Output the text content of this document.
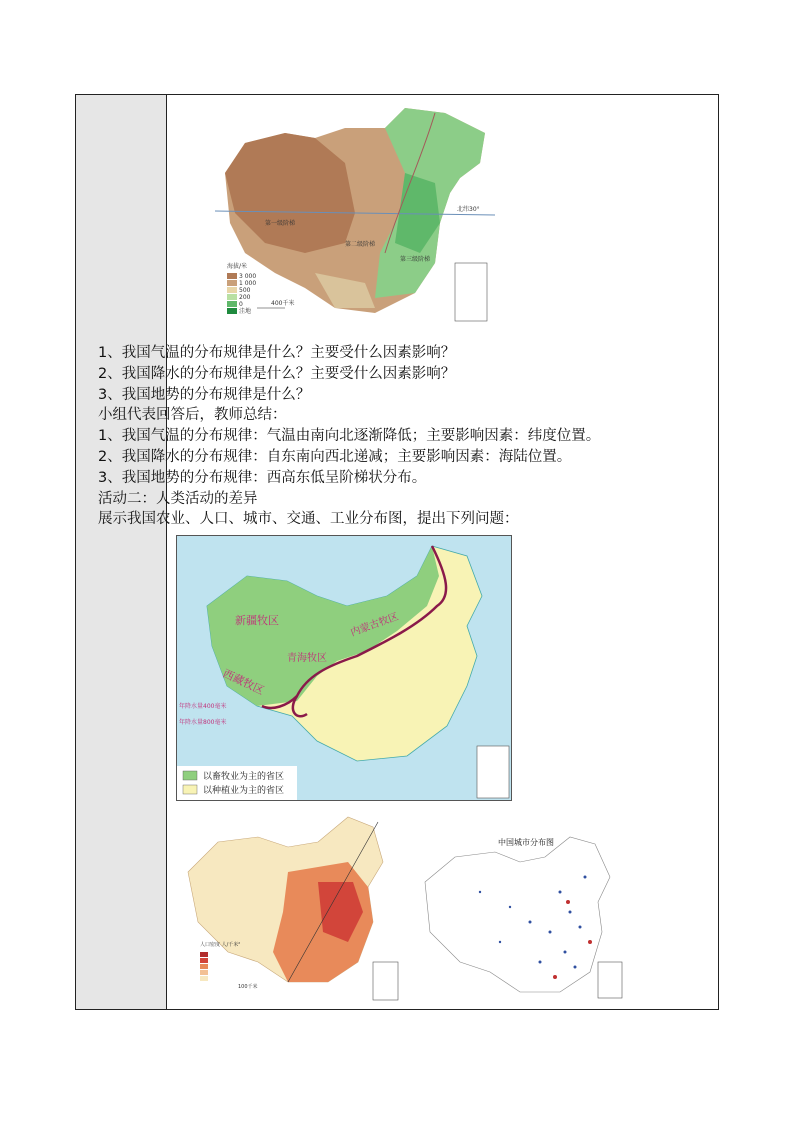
第一级阶梯
第二级阶梯
第三级阶梯
北纬30°
海拔/米
3 000
1 000
500
200
0
洼地
400千米
1、我国气温的分布规律是什么？主要受什么因素影响？
2、我国降水的分布规律是什么？主要受什么因素影响？
3、我国地势的分布规律是什么？
小组代表回答后，教师总结：
1、我国气温的分布规律：气温由南向北逐渐降低；主要影响因素：纬度位置。
2、我国降水的分布规律：自东南向西北递减；主要影响因素：海陆位置。
3、我国地势的分布规律：西高东低呈阶梯状分布。
活动二：人类活动的差异
展示我国农业、人口、城市、交通、工业分布图，提出下列问题：
新疆牧区
青海牧区
西藏牧区
内蒙古牧区
年降水量400毫米
年降水量800毫米
以畜牧业为主的省区
以种植业为主的省区
人口密度 人/千米²
100千米
中国城市分布图
